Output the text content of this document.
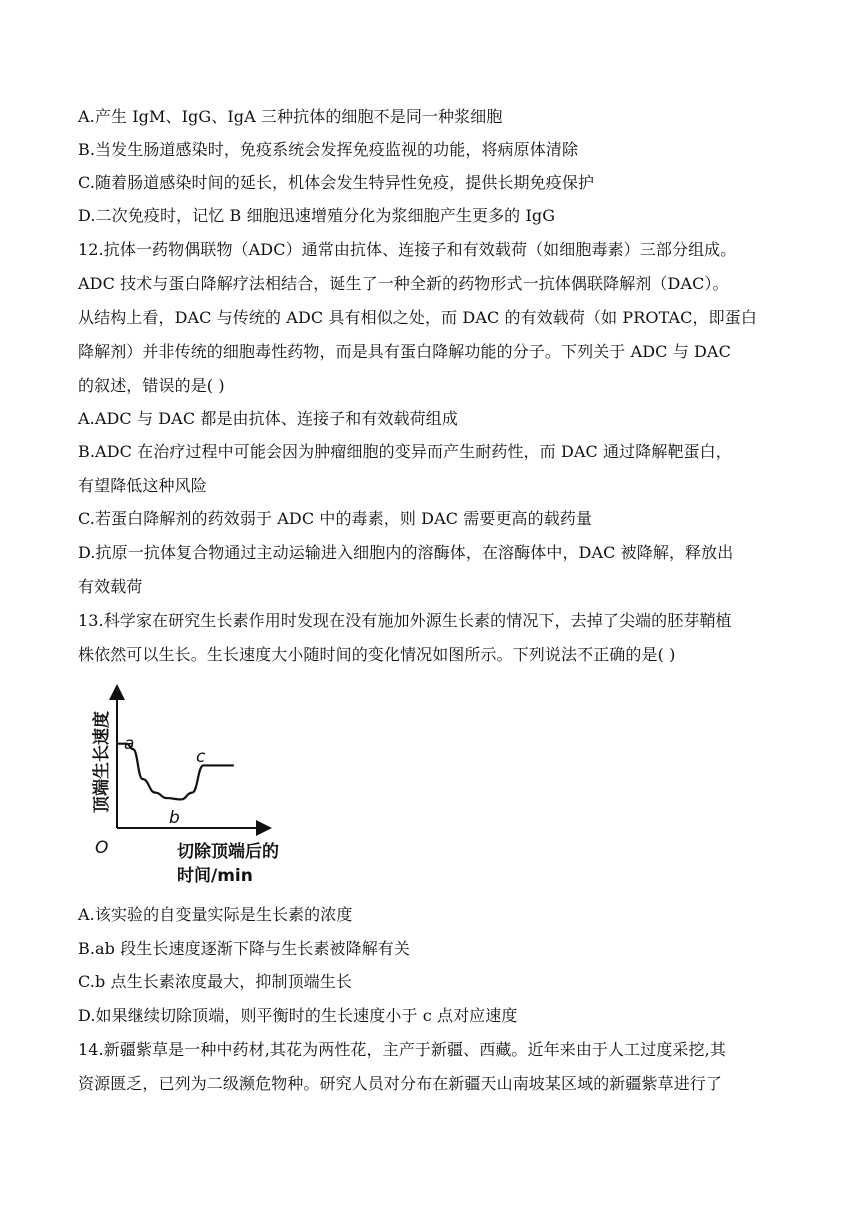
A.产生 IgM、IgG、IgA 三种抗体的细胞不是同一种浆细胞
B.当发生肠道感染时，免疫系统会发挥免疫监视的功能，将病原体清除
C.随着肠道感染时间的延长，机体会发生特异性免疫，提供长期免疫保护
D.二次免疫时，记忆 B 细胞迅速增殖分化为浆细胞产生更多的 IgG
12.抗体一药物偶联物（ADC）通常由抗体、连接子和有效载荷（如细胞毒素）三部分组成。
ADC 技术与蛋白降解疗法相结合，诞生了一种全新的药物形式一抗体偶联降解剂（DAC）。
从结构上看，DAC 与传统的 ADC 具有相似之处，而 DAC 的有效载荷（如 PROTAC，即蛋白
降解剂）并非传统的细胞毒性药物，而是具有蛋白降解功能的分子。下列关于 ADC 与 DAC
的叙述，错误的是( )
A.ADC 与 DAC 都是由抗体、连接子和有效载荷组成
B.ADC 在治疗过程中可能会因为肿瘤细胞的变异而产生耐药性，而 DAC 通过降解靶蛋白，
有望降低这种风险
C.若蛋白降解剂的药效弱于 ADC 中的毒素，则 DAC 需要更高的载药量
D.抗原一抗体复合物通过主动运输进入细胞内的溶酶体，在溶酶体中，DAC 被降解，释放出
有效载荷
13.科学家在研究生长素作用时发现在没有施加外源生长素的情况下，去掉了尖端的胚芽鞘植
株依然可以生长。生长速度大小随时间的变化情况如图所示。下列说法不正确的是( )
顶端生长速度 a
b
c
O	切除顶端后的
时间/min
A.该实验的自变量实际是生长素的浓度
B.ab 段生长速度逐渐下降与生长素被降解有关
C.b 点生长素浓度最大，抑制顶端生长
D.如果继续切除顶端，则平衡时的生长速度小于 c 点对应速度
14.新疆紫草是一种中药材,其花为两性花，主产于新疆、西藏。近年来由于人工过度采挖,其
资源匮乏，已列为二级濒危物种。研究人员对分布在新疆天山南坡某区域的新疆紫草进行了
